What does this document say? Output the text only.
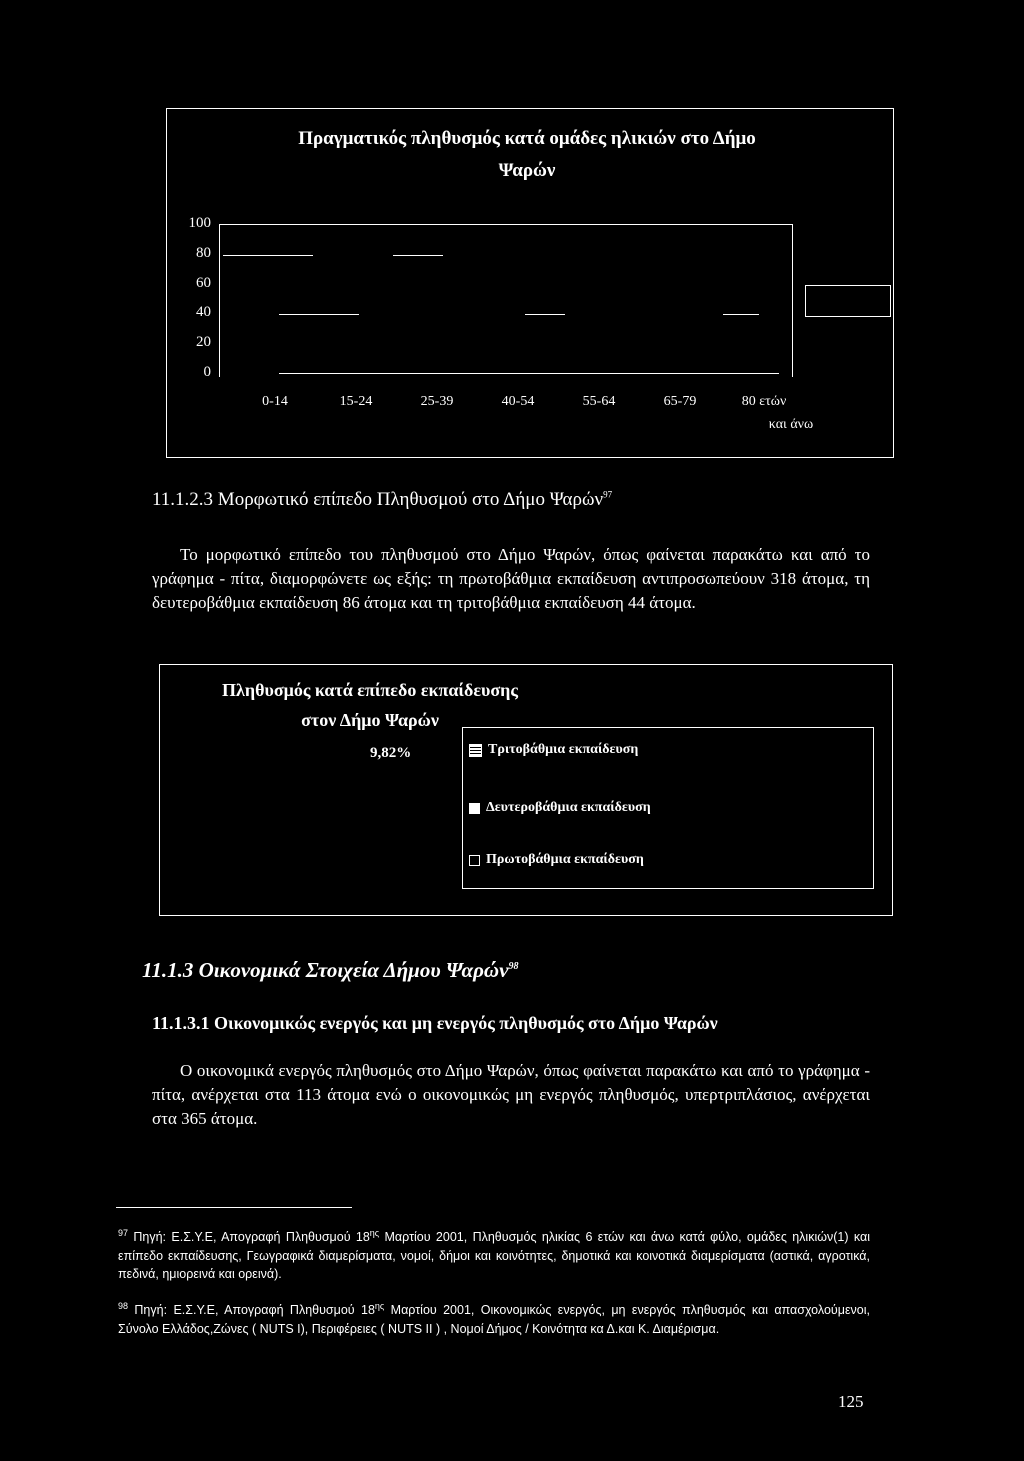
Πραγματικός πληθυσμός κατά ομάδες ηλικιών στο Δήμο
Ψαρών
0
20
40
60
80
100
0-14	15-24	25-39	40-54	55-64	65-79	80 ετών
και άνω
11.1.2.3 Μορφωτικό επίπεδο Πληθυσμού στο Δήμο Ψαρών$^{97}$
Το μορφωτικό επίπεδο του πληθυσμού στο Δήμο Ψαρών, όπως φαίνεται παρακάτω και από το γράφημα - πίτα, διαμορφώνετε ως εξής: τη πρωτοβάθμια εκπαίδευση αντιπροσωπεύουν 318 άτομα, τη δευτεροβάθμια εκπαίδευση 86 άτομα και τη τριτοβάθμια εκπαίδευση 44 άτομα.
Πληθυσμός κατά επίπεδο εκπαίδευσης
στον Δήμο Ψαρών
9,82%	Τριτοβάθμια εκπαίδευση
Δευτεροβάθμια εκπαίδευση
Πρωτοβάθμια εκπαίδευση
11.1.3 Οικονομικά Στοιχεία Δήμου Ψαρών$^{98}$
11.1.3.1 Οικονομικώς ενεργός και μη ενεργός πληθυσμός στο Δήμο Ψαρών
Ο οικονομικά ενεργός πληθυσμός στο Δήμο Ψαρών, όπως φαίνεται παρακάτω και από το γράφημα - πίτα, ανέρχεται στα 113 άτομα ενώ ο οικονομικώς μη ενεργός πληθυσμός, υπερτριπλάσιος, ανέρχεται στα 365 άτομα.
$^{97}$ Πηγή: Ε.Σ.Υ.Ε, Απογραφή Πληθυσμού $18^{\eta\varsigma}$ Μαρτίου 2001, Πληθυσμός ηλικίας 6 ετών και άνω κατά φύλο, ομάδες ηλικιών(1) και επίπεδο εκπαίδευσης, Γεωγραφικά διαμερίσματα, νομοί, δήμοι και κοινότητες, δημοτικά και κοινοτικά διαμερίσματα (αστικά, αγροτικά, πεδινά, ημιορεινά και ορεινά).
$^{98}$ Πηγή: Ε.Σ.Υ.Ε, Απογραφή Πληθυσμού $18^{\eta\varsigma}$ Μαρτίου 2001, Οικονομικώς ενεργός, μη ενεργός πληθυσμός και απασχολούμενοι, Σύνολο Ελλάδος,Ζώνες ( NUTS I), Περιφέρειες ( NUTS II ) , Νομοί Δήμος / Κοινότητα κα Δ.και Κ. Διαμέρισμα.
125
